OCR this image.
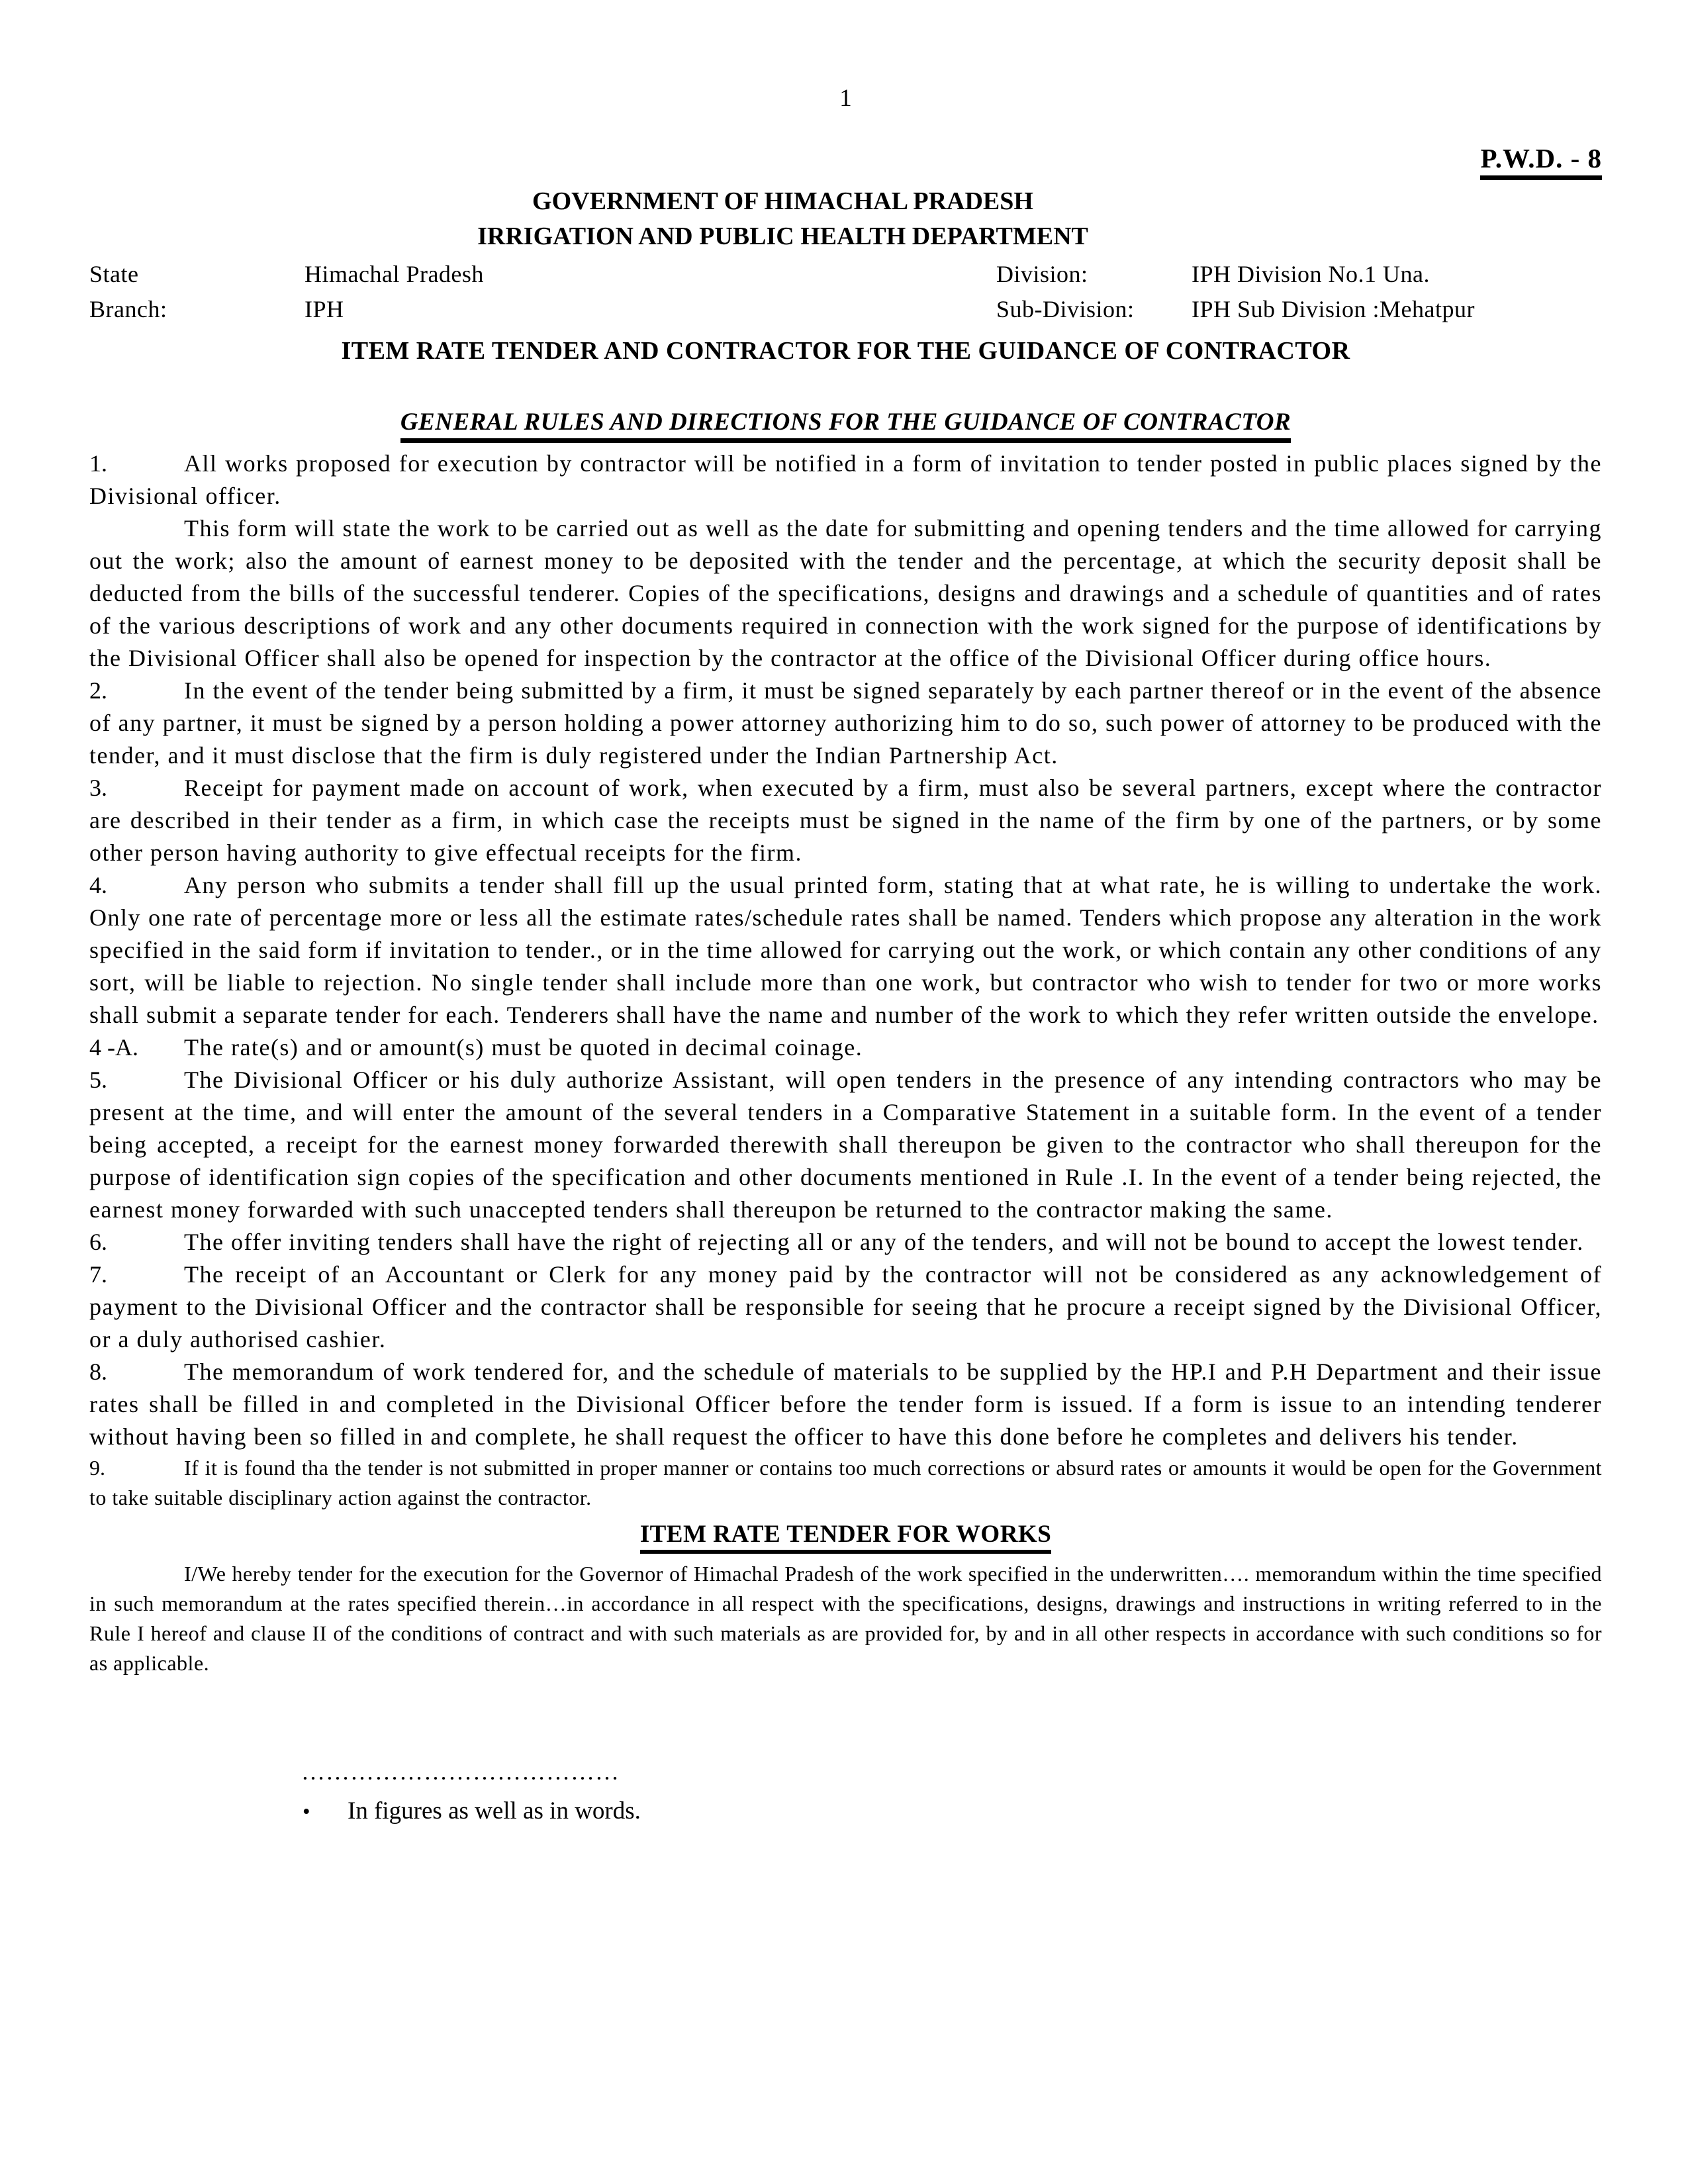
1
P.W.D. - 8
GOVERNMENT OF HIMACHAL PRADESH
IRRIGATION AND PUBLIC HEALTH DEPARTMENT
State	Himachal Pradesh	Division:	IPH Division No.1 Una.
Branch:	IPH	Sub-Division:	IPH Sub Division :Mehatpur
ITEM RATE TENDER AND CONTRACTOR FOR THE GUIDANCE OF CONTRACTOR
GENERAL RULES AND DIRECTIONS FOR THE GUIDANCE OF CONTRACTOR

1.	All works proposed for execution by contractor will be notified in a form of invitation to tender posted in public places signed by the Divisional officer.

This form will state the work to be carried out as well as the date for submitting and opening tenders and the time allowed for carrying out the work; also the amount of earnest money to be deposited with the tender and the percentage, at which the security deposit shall be deducted from the bills of the successful tenderer. Copies of the specifications, designs and drawings and a schedule of quantities and of rates of the various descriptions of work and any other documents required in connection with the work signed for the purpose of identifications by the Divisional Officer shall also be opened for inspection by the contractor at the office of the Divisional Officer during office hours.

2.	In the event of the tender being submitted by a firm, it must be signed separately by each partner thereof or in the event of the absence of any partner, it must be signed by a person holding a power attorney authorizing him to do so, such power of attorney to be produced with the tender, and it must disclose that the firm is duly registered under the Indian Partnership Act.

3.	Receipt for payment made on account of work, when executed by a firm, must also be several partners, except where the contractor are described in their tender as a firm, in which case the receipts must be signed in the name of the firm by one of the partners, or by some other person having authority to give effectual receipts for the firm.

4.	Any person who submits a tender shall fill up the usual printed form, stating that at what rate, he is willing to undertake the work. Only one rate of percentage more or less all the estimate rates/schedule rates shall be named. Tenders which propose any alteration in the work specified in the said form if invitation to tender., or in the time allowed for carrying out the work, or which contain any other conditions of any sort, will be liable to rejection. No single tender shall include more than one work, but contractor who wish to tender for two or more works shall submit a separate tender for each. Tenderers shall have the name and number of the work to which they refer written outside the envelope.

4 -A. The rate(s) and or amount(s) must be quoted in decimal coinage.

5.	The Divisional Officer or his duly authorize Assistant, will open tenders in the presence of any intending contractors who may be present at the time, and will enter the amount of the several tenders in a Comparative Statement in a suitable form. In the event of a tender being accepted, a receipt for the earnest money forwarded therewith shall thereupon be given to the contractor who shall thereupon for the purpose of identification sign copies of the specification and other documents mentioned in Rule .I. In the event of a tender being rejected, the earnest money forwarded with such unaccepted tenders shall thereupon be returned to the contractor making the same.

6.	The offer inviting tenders shall have the right of rejecting all or any of the tenders, and will not be bound to accept the lowest tender.

7.	The receipt of an Accountant or Clerk for any money paid by the contractor will not be considered as any acknowledgement of payment to the Divisional Officer and the contractor shall be responsible for seeing that he procure a receipt signed by the Divisional Officer, or a duly authorised cashier.

8.	The memorandum of work tendered for, and the schedule of materials to be supplied by the HP.I and P.H Department and their issue rates shall be filled in and completed in the Divisional Officer before the tender form is issued. If a form is issue to an intending tenderer without having been so filled in and complete, he shall request the officer to have this done before he completes and delivers his tender.

9.	If it is found tha the tender is not submitted in proper manner or contains too much corrections or absurd rates or amounts it would be open for the Government to take suitable disciplinary action against the contractor.

ITEM RATE TENDER FOR WORKS

I/We hereby tender for the execution for the Governor of Himachal Pradesh of the work specified in the underwritten…. memorandum within the time specified in such memorandum at the rates specified therein…in accordance in all respect with the specifications, designs, drawings and instructions in writing referred to in the Rule I hereof and clause II of the conditions of contract and with such materials as are provided for, by and in all other respects in accordance with such conditions so for as applicable.

…………………………………
• In figures as well as in words.
